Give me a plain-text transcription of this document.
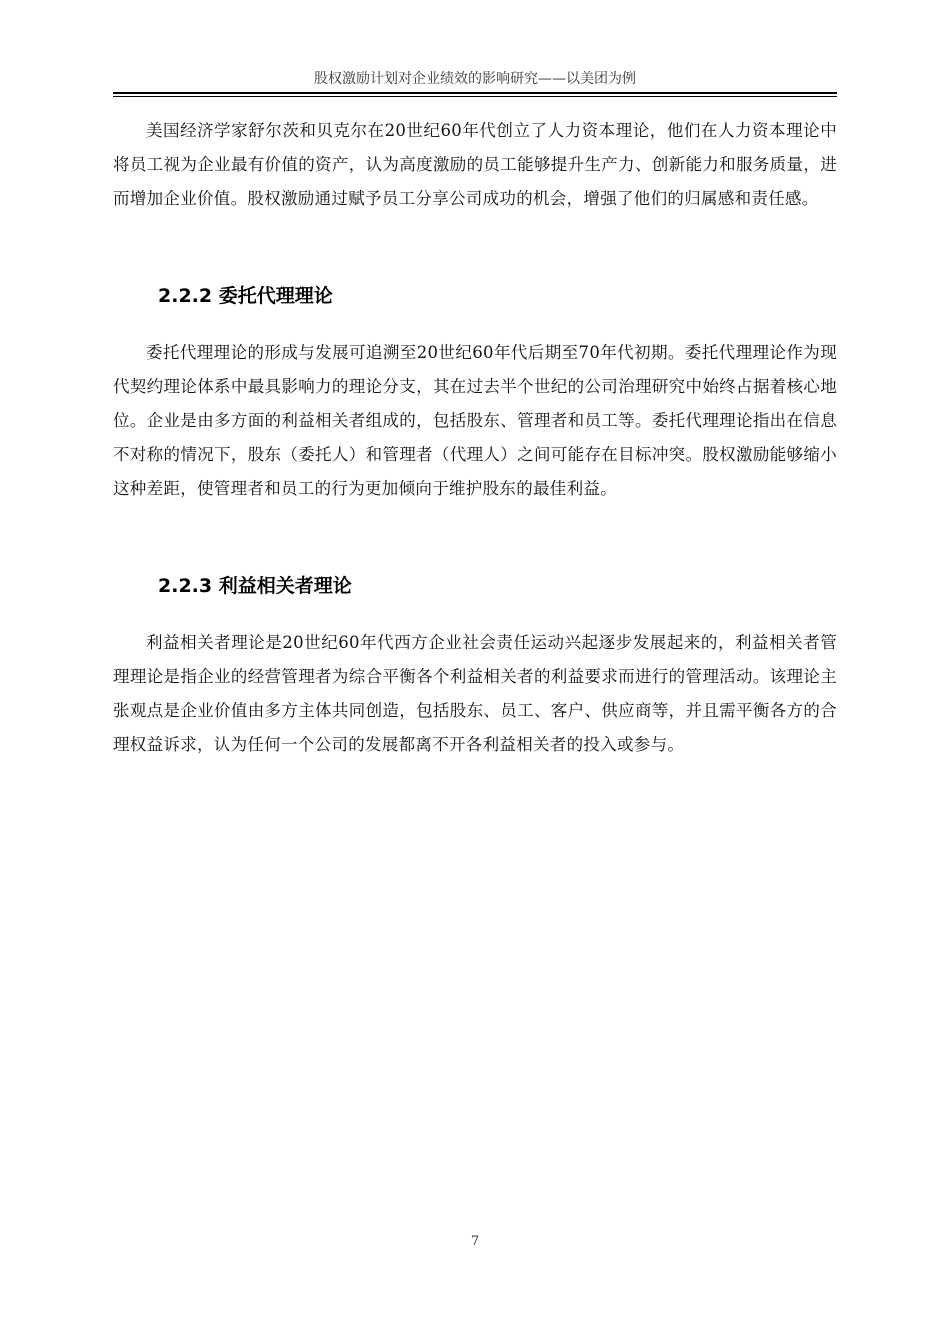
股权激励计划对企业绩效的影响研究——以美团为例

美国经济学家舒尔茨和贝克尔在20世纪60年代创立了人力资本理论，他们在人力资本理论中将员工视为企业最有价值的资产，认为高度激励的员工能够提升生产力、创新能力和服务质量，进而增加企业价值。股权激励通过赋予员工分享公司成功的机会，增强了他们的归属感和责任感。

2.2.2 委托代理理论

委托代理理论的形成与发展可追溯至20世纪60年代后期至70年代初期。委托代理理论作为现代契约理论体系中最具影响力的理论分支，其在过去半个世纪的公司治理研究中始终占据着核心地位。企业是由多方面的利益相关者组成的，包括股东、管理者和员工等。委托代理理论指出在信息不对称的情况下，股东（委托人）和管理者（代理人）之间可能存在目标冲突。股权激励能够缩小这种差距，使管理者和员工的行为更加倾向于维护股东的最佳利益。

2.2.3 利益相关者理论

利益相关者理论是20世纪60年代西方企业社会责任运动兴起逐步发展起来的，利益相关者管理理论是指企业的经营管理者为综合平衡各个利益相关者的利益要求而进行的管理活动。该理论主张观点是企业价值由多方主体共同创造，包括股东、员工、客户、供应商等，并且需平衡各方的合理权益诉求，认为任何一个公司的发展都离不开各利益相关者的投入或参与。

7
